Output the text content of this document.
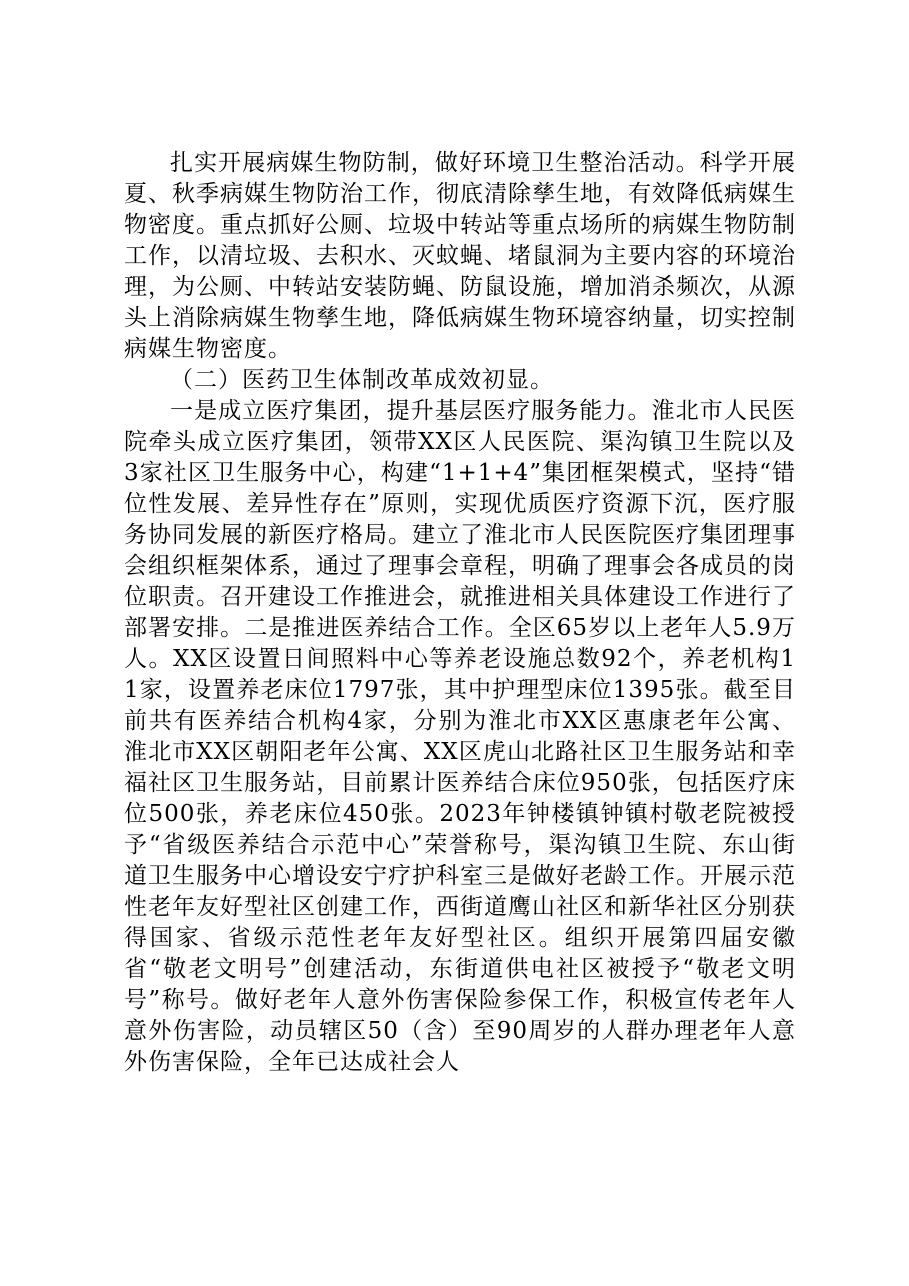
扎实开展病媒生物防制，做好环境卫生整治活动。科学开展夏、秋季病媒生物防治工作，彻底清除孳生地，有效降低病媒生物密度。重点抓好公厕、垃圾中转站等重点场所的病媒生物防制工作，以清垃圾、去积水、灭蚊蝇、堵鼠洞为主要内容的环境治理，为公厕、中转站安装防蝇、防鼠设施，增加消杀频次，从源头上消除病媒生物孳生地，降低病媒生物环境容纳量，切实控制病媒生物密度。

（二）医药卫生体制改革成效初显。

一是成立医疗集团，提升基层医疗服务能力。淮北市人民医院牵头成立医疗集团，领带XX区人民医院、渠沟镇卫生院以及3家社区卫生服务中心，构建“1+1+4”集团框架模式，坚持“错位性发展、差异性存在”原则，实现优质医疗资源下沉，医疗服务协同发展的新医疗格局。建立了淮北市人民医院医疗集团理事会组织框架体系，通过了理事会章程，明确了理事会各成员的岗位职责。召开建设工作推进会，就推进相关具体建设工作进行了部署安排。二是推进医养结合工作。全区65岁以上老年人5.9万人。XX区设置日间照料中心等养老设施总数92个，养老机构11家，设置养老床位1797张，其中护理型床位1395张。截至目前共有医养结合机构4家，分别为淮北市XX区惠康老年公寓、淮北市XX区朝阳老年公寓、XX区虎山北路社区卫生服务站和幸福社区卫生服务站，目前累计医养结合床位950张，包括医疗床位500张，养老床位450张。2023年钟楼镇钟镇村敬老院被授予“省级医养结合示范中心”荣誉称号，渠沟镇卫生院、东山街道卫生服务中心增设安宁疗护科室三是做好老龄工作。开展示范性老年友好型社区创建工作，西街道鹰山社区和新华社区分别获得国家、省级示范性老年友好型社区。组织开展第四届安徽省“敬老文明号”创建活动，东街道供电社区被授予“敬老文明号”称号。做好老年人意外伤害保险参保工作，积极宣传老年人意外伤害险，动员辖区50（含）至90周岁的人群办理老年人意外伤害保险，全年已达成社会人
